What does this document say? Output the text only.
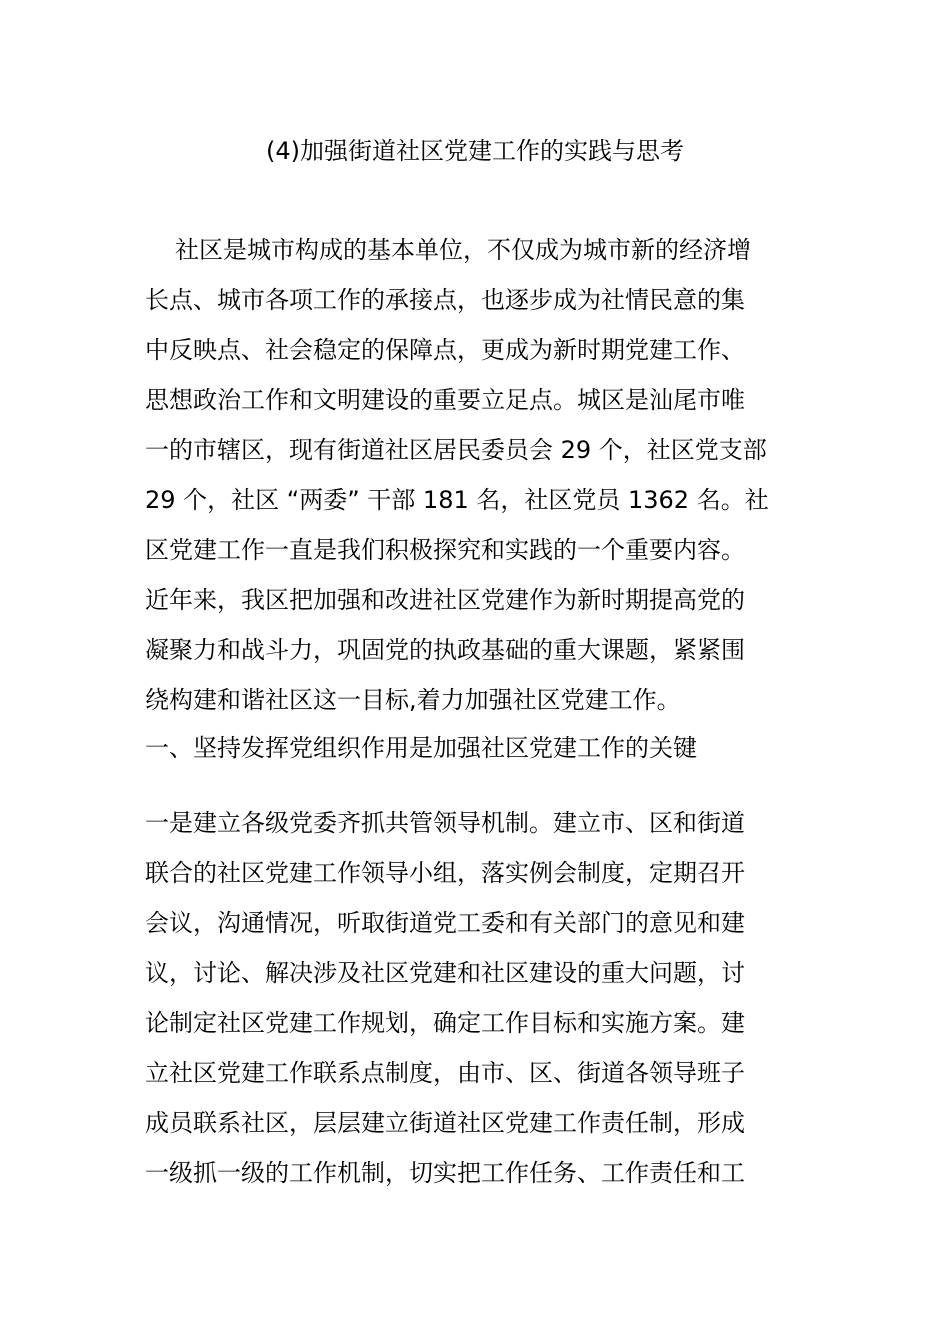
(4)加强街道社区党建工作的实践与思考
社区是城市构成的基本单位，不仅成为城市新的经济增
长点、城市各项工作的承接点，也逐步成为社情民意的集
中反映点、社会稳定的保障点，更成为新时期党建工作、
思想政治工作和文明建设的重要立足点。城区是汕尾市唯
一的市辖区，现有街道社区居民委员会 29 个，社区党支部
29 个，社区 “两委” 干部 181 名，社区党员 1362 名。社
区党建工作一直是我们积极探究和实践的一个重要内容。
近年来，我区把加强和改进社区党建作为新时期提高党的
凝聚力和战斗力，巩固党的执政基础的重大课题，紧紧围
绕构建和谐社区这一目标,着力加强社区党建工作。
一、坚持发挥党组织作用是加强社区党建工作的关键
一是建立各级党委齐抓共管领导机制。建立市、区和街道
联合的社区党建工作领导小组，落实例会制度，定期召开
会议，沟通情况，听取街道党工委和有关部门的意见和建
议，讨论、解决涉及社区党建和社区建设的重大问题，讨
论制定社区党建工作规划，确定工作目标和实施方案。建
立社区党建工作联系点制度，由市、区、街道各领导班子
成员联系社区，层层建立街道社区党建工作责任制，形成
一级抓一级的工作机制，切实把工作任务、工作责任和工
